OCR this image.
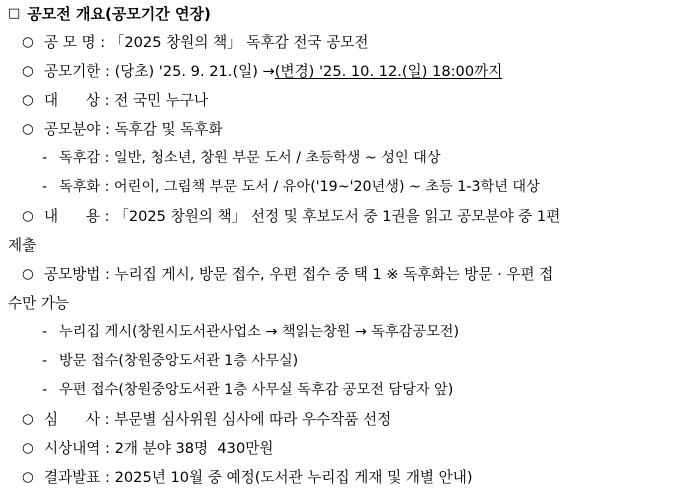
□ 공모전 개요(공모기간 연장)
○ 공 모 명 : 「2025 창원의 책」 독후감 전국 공모전
○ 공모기한 : (당초) '25. 9. 21.(일) → (변경) '25. 10. 12.(일) 18:00까지
○ 대      상 : 전 국민 누구나
○ 공모분야 : 독후감 및 독후화
- 독후감 : 일반, 청소년, 창원 부문 도서 / 초등학생 ~ 성인 대상
- 독후화 : 어린이, 그림책 부문 도서 / 유아('19~'20년생) ~ 초등 1-3학년 대상
○ 내      용 : 「2025 창원의 책」 선정 및 후보도서 중 1권을 읽고 공모분야 중 1편
제출
○ 공모방법 : 누리집 게시, 방문 접수, 우편 접수 중 택 1 ※ 독후화는 방문 · 우편 접
수만 가능
- 누리집 게시(창원시도서관사업소 → 책읽는창원 → 독후감공모전)
- 방문 접수(창원중앙도서관 1층 사무실)
- 우편 접수(창원중앙도서관 1층 사무실 독후감 공모전 담당자 앞)
○ 심      사 : 부문별 심사위원 심사에 따라 우수작품 선정
○ 시상내역 : 2개 분야 38명  430만원
○ 결과발표 : 2025년 10월 중 예정(도서관 누리집 게재 및 개별 안내)
